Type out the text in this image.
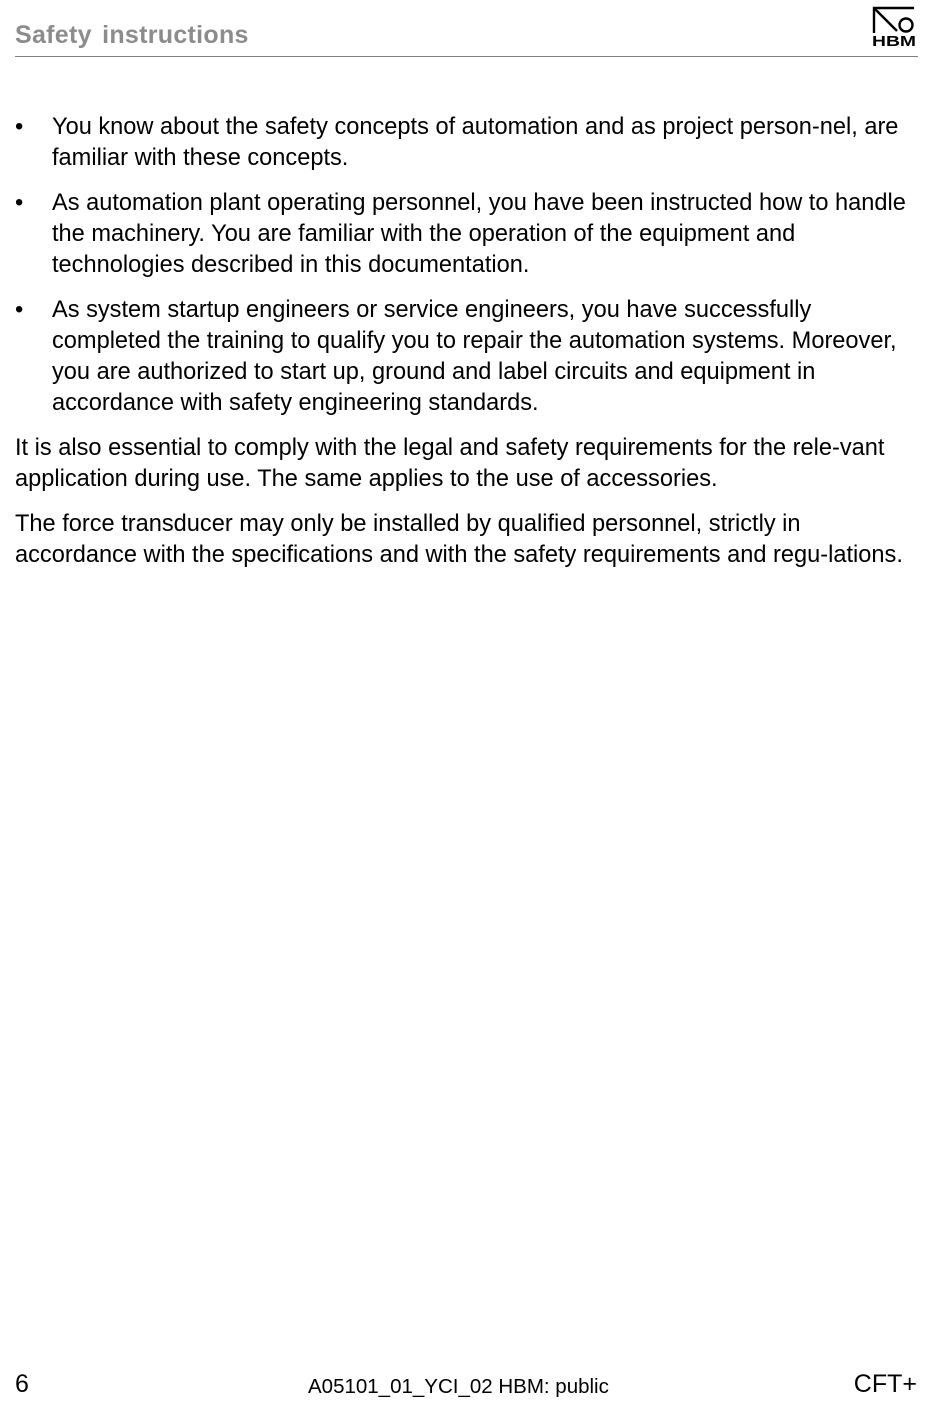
Safety instructions	HBM
• You know about the safety concepts of automation and as project person-nel, are familiar with these concepts.
• As automation plant operating personnel, you have been instructed how to handle the machinery. You are familiar with the operation of the equipment and technologies described in this documentation.
• As system startup engineers or service engineers, you have successfully completed the training to qualify you to repair the automation systems. Moreover, you are authorized to start up, ground and label circuits and equipment in accordance with safety engineering standards.

It is also essential to comply with the legal and safety requirements for the rele-vant application during use. The same applies to the use of accessories.

The force transducer may only be installed by qualified personnel, strictly in accordance with the specifications and with the safety requirements and regu-lations.

6	A05101_01_YCI_02 HBM: public	CFT+
